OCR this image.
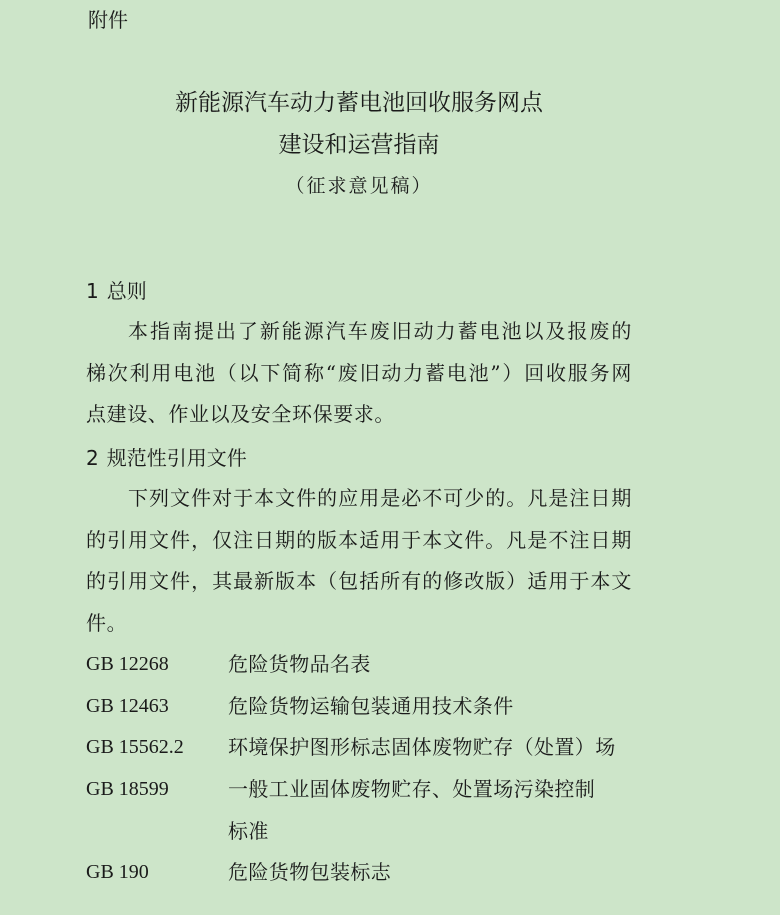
附件
新能源汽车动力蓄电池回收服务网点
建设和运营指南
（征求意见稿）
1 总则
本指南提出了新能源汽车废旧动力蓄电池以及报废的
梯次利用电池（以下简称“废旧动力蓄电池”）回收服务网
点建设、作业以及安全环保要求。
2 规范性引用文件
下列文件对于本文件的应用是必不可少的。凡是注日期
的引用文件，仅注日期的版本适用于本文件。凡是不注日期
的引用文件，其最新版本（包括所有的修改版）适用于本文
件。
GB 12268	危险货物品名表
GB 12463	危险货物运输包装通用技术条件
GB 15562.2 环境保护图形标志固体废物贮存（处置）场
GB 18599	一般工业固体废物贮存、处置场污染控制
标准
GB 190	危险货物包装标志
